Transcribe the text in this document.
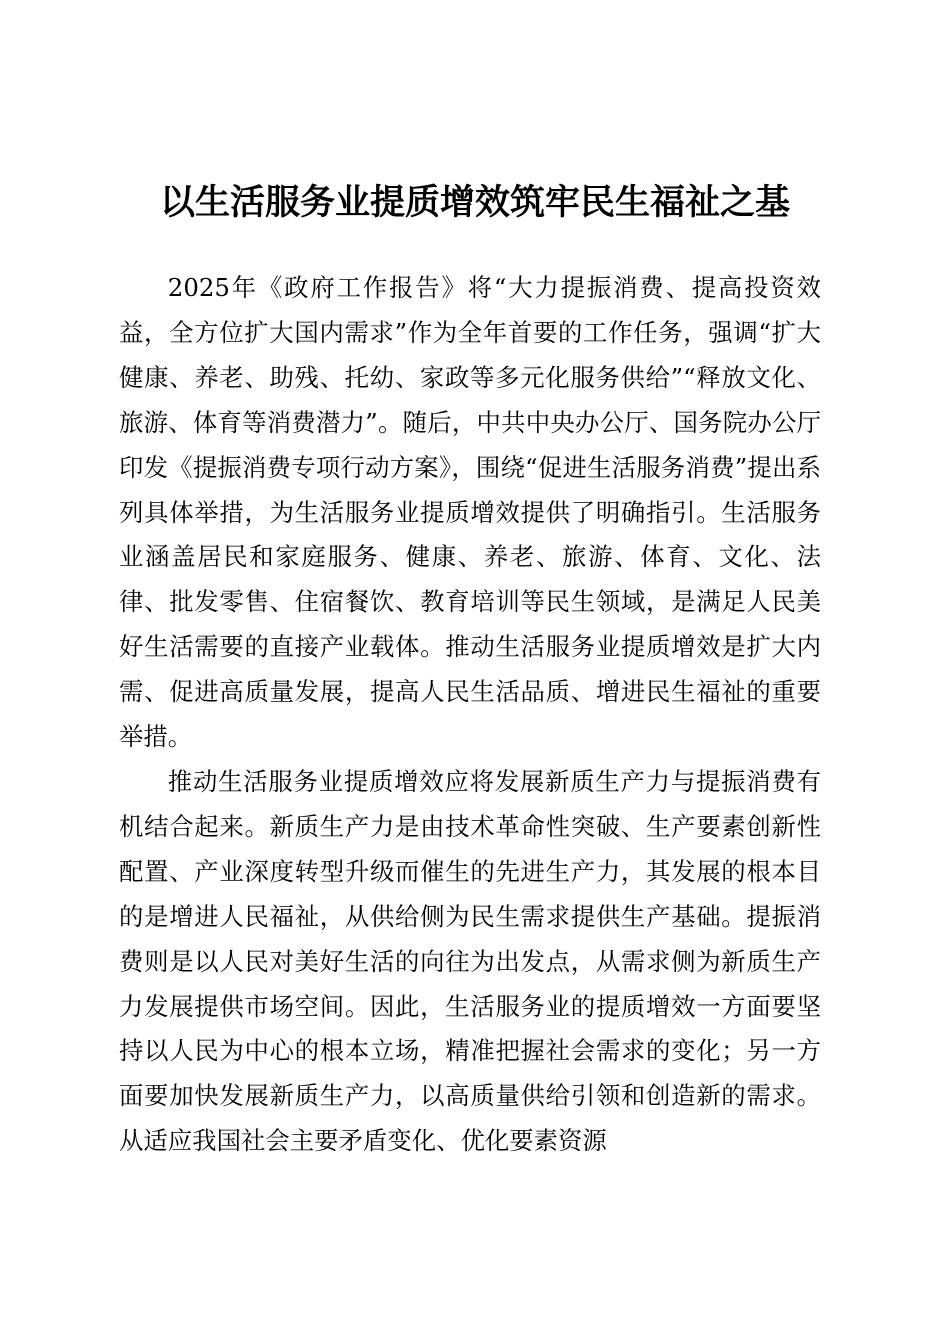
以生活服务业提质增效筑牢民生福祉之基

2025年《政府工作报告》将“大力提振消费、提高投资效益，全方位扩大国内需求”作为全年首要的工作任务，强调“扩大健康、养老、助残、托幼、家政等多元化服务供给”“释放文化、旅游、体育等消费潜力”。随后，中共中央办公厅、国务院办公厅印发《提振消费专项行动方案》，围绕“促进生活服务消费”提出系列具体举措，为生活服务业提质增效提供了明确指引。生活服务业涵盖居民和家庭服务、健康、养老、旅游、体育、文化、法律、批发零售、住宿餐饮、教育培训等民生领域，是满足人民美好生活需要的直接产业载体。推动生活服务业提质增效是扩大内需、促进高质量发展，提高人民生活品质、增进民生福祉的重要举措。

推动生活服务业提质增效应将发展新质生产力与提振消费有机结合起来。新质生产力是由技术革命性突破、生产要素创新性配置、产业深度转型升级而催生的先进生产力，其发展的根本目的是增进人民福祉，从供给侧为民生需求提供生产基础。提振消费则是以人民对美好生活的向往为出发点，从需求侧为新质生产力发展提供市场空间。因此，生活服务业的提质增效一方面要坚持以人民为中心的根本立场，精准把握社会需求的变化；另一方面要加快发展新质生产力，以高质量供给引领和创造新的需求。从适应我国社会主要矛盾变化、优化要素资源
